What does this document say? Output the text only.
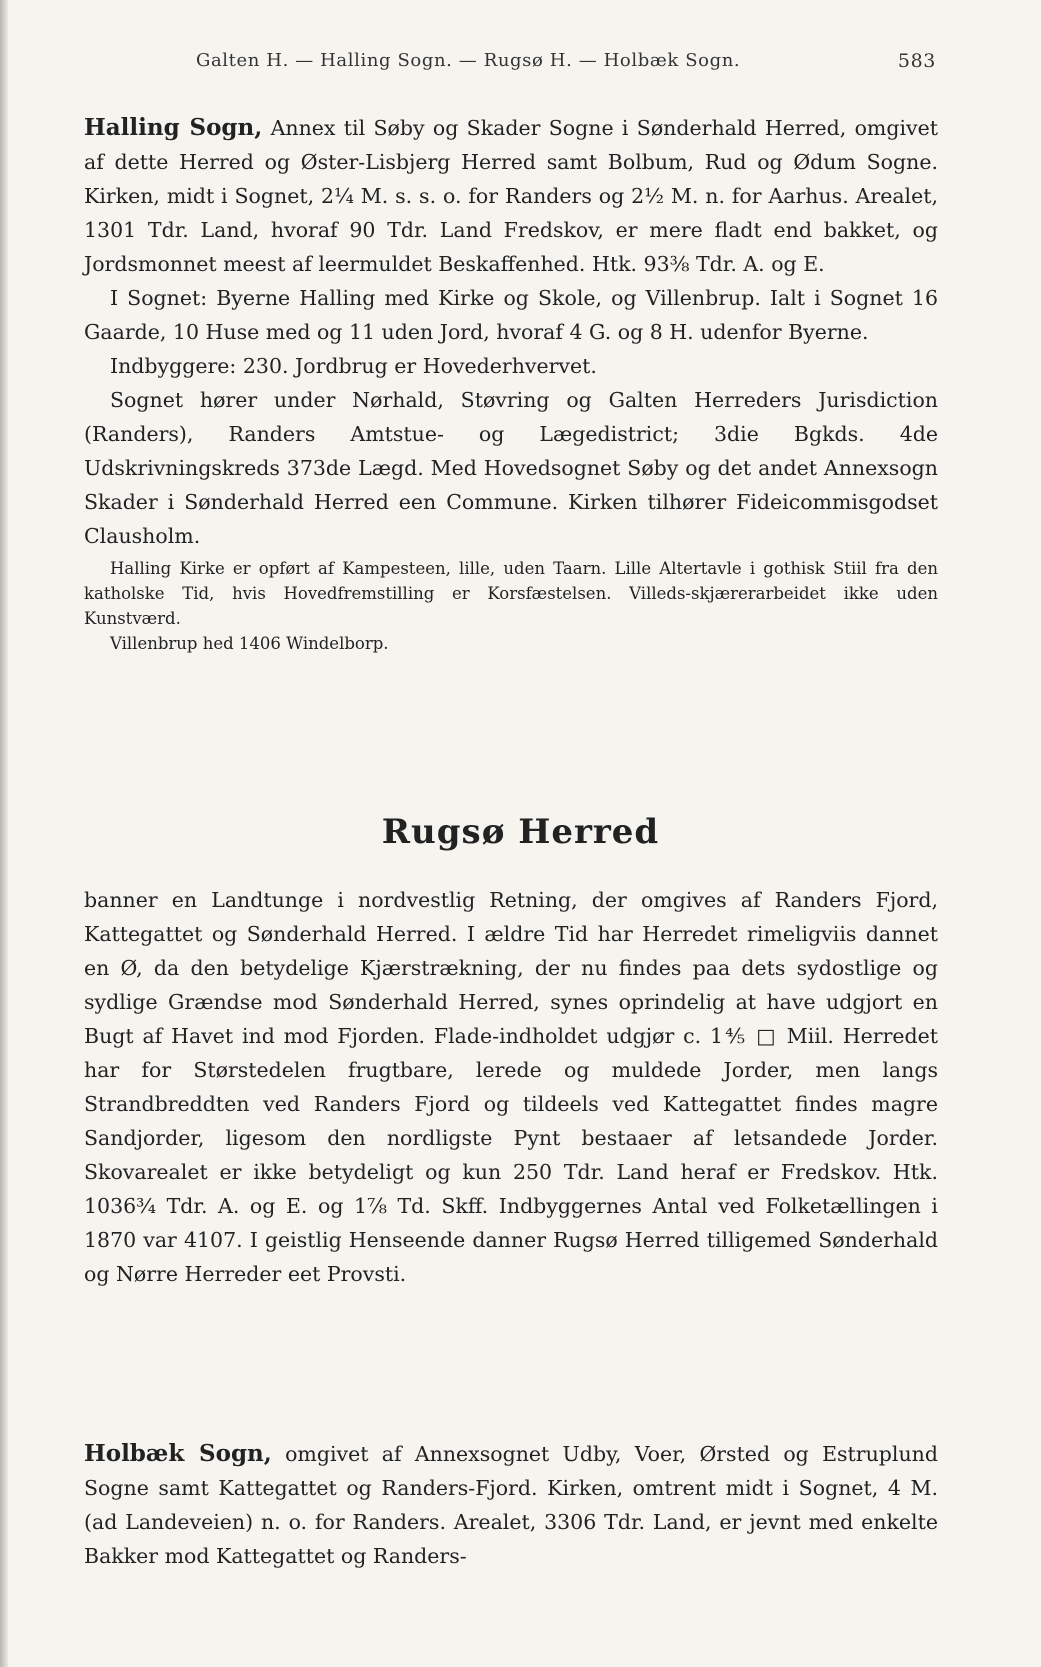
Galten H. — Halling Sogn. — Rugsø H. — Holbæk Sogn.	583

Halling Sogn, Annex til Søby og Skader Sogne i Sønderhald Herred, omgivet af dette Herred og Øster-Lisbjerg Herred samt Bolbum, Rud og Ødum Sogne. Kirken, midt i Sognet, 2¼ M. s. s. o. for Randers og 2½ M. n. for Aarhus. Arealet, 1301 Tdr. Land, hvoraf 90 Tdr. Land Fredskov, er mere fladt end bakket, og Jordsmonnet meest af leermuldet Beskaffenhed. Htk. 93⅜ Tdr. A. og E.

I Sognet: Byerne Halling med Kirke og Skole, og Villenbrup. Ialt i Sognet 16 Gaarde, 10 Huse med og 11 uden Jord, hvoraf 4 G. og 8 H. udenfor Byerne.

Indbyggere: 230. Jordbrug er Hovederhvervet.

Sognet hører under Nørhald, Støvring og Galten Herreders Jurisdiction (Randers), Randers Amtstue- og Lægedistrict; 3die Bgkds. 4de Udskrivningskreds 373de Lægd. Med Hovedsognet Søby og det andet Annexsogn Skader i Sønderhald Herred een Commune. Kirken tilhører Fideicommisgodset Clausholm.

Halling Kirke er opført af Kampesteen, lille, uden Taarn. Lille Altertavle i gothisk Stiil fra den katholske Tid, hvis Hovedfremstilling er Korsfæstelsen. Villeds-skjærerarbeidet ikke uden Kunstværd.

Villenbrup hed 1406 Windelborp.

Rugsø Herred

banner en Landtunge i nordvestlig Retning, der omgives af Randers Fjord, Kattegattet og Sønderhald Herred. I ældre Tid har Herredet rimeligviis dannet en Ø, da den betydelige Kjærstrækning, der nu findes paa dets sydostlige og sydlige Grændse mod Sønderhald Herred, synes oprindelig at have udgjort en Bugt af Havet ind mod Fjorden. Flade-indholdet udgjør c. 1⅘ □ Miil. Herredet har for Størstedelen frugtbare, lerede og muldede Jorder, men langs Strandbreddten ved Randers Fjord og tildeels ved Kattegattet findes magre Sandjorder, ligesom den nordligste Pynt bestaaer af letsandede Jorder. Skovarealet er ikke betydeligt og kun 250 Tdr. Land heraf er Fredskov. Htk. 1036¾ Tdr. A. og E. og 1⅞ Td. Skff. Indbyggernes Antal ved Folketællingen i 1870 var 4107. I geistlig Henseende danner Rugsø Herred tilligemed Sønderhald og Nørre Herreder eet Provsti.

Holbæk Sogn, omgivet af Annexsognet Udby, Voer, Ørsted og Estruplund Sogne samt Kattegattet og Randers-Fjord. Kirken, omtrent midt i Sognet, 4 M. (ad Landeveien) n. o. for Randers. Arealet, 3306 Tdr. Land, er jevnt med enkelte Bakker mod Kattegattet og Randers-
